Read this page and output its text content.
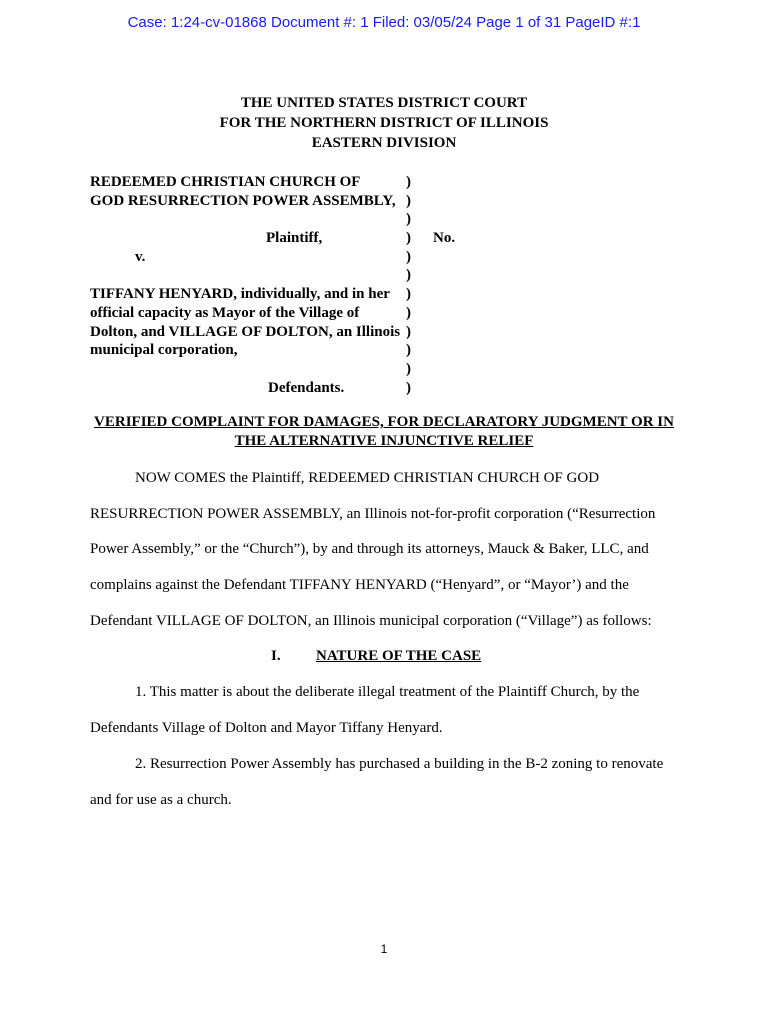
Case: 1:24-cv-01868 Document #: 1 Filed: 03/05/24 Page 1 of 31 PageID #:1
THE UNITED STATES DISTRICT COURT
FOR THE NORTHERN DISTRICT OF ILLINOIS
EASTERN DIVISION
REDEEMED CHRISTIAN CHURCH OF	)
GOD RESURRECTION POWER ASSEMBLY, )
)
Plaintiff,	) No.
v.	)
)
TIFFANY HENYARD, individually, and in her )
official capacity as Mayor of the Village of	)
Dolton, and VILLAGE OF DOLTON, an Illinois )
municipal corporation,	)
)
Defendants.	)
VERIFIED COMPLAINT FOR DAMAGES, FOR DECLARATORY JUDGMENT OR IN
THE ALTERNATIVE INJUNCTIVE RELIEF
NOW COMES the Plaintiff, REDEEMED CHRISTIAN CHURCH OF GOD
RESURRECTION POWER ASSEMBLY, an Illinois not-for-profit corporation (“Resurrection
Power Assembly,” or the “Church”), by and through its attorneys, Mauck & Baker, LLC, and
complains against the Defendant TIFFANY HENYARD (“Henyard”, or “Mayor’) and the
Defendant VILLAGE OF DOLTON, an Illinois municipal corporation (“Village”) as follows:
I. NATURE OF THE CASE
1. This matter is about the deliberate illegal treatment of the Plaintiff Church, by the
Defendants Village of Dolton and Mayor Tiffany Henyard.
2. Resurrection Power Assembly has purchased a building in the B-2 zoning to renovate
and for use as a church.
1
